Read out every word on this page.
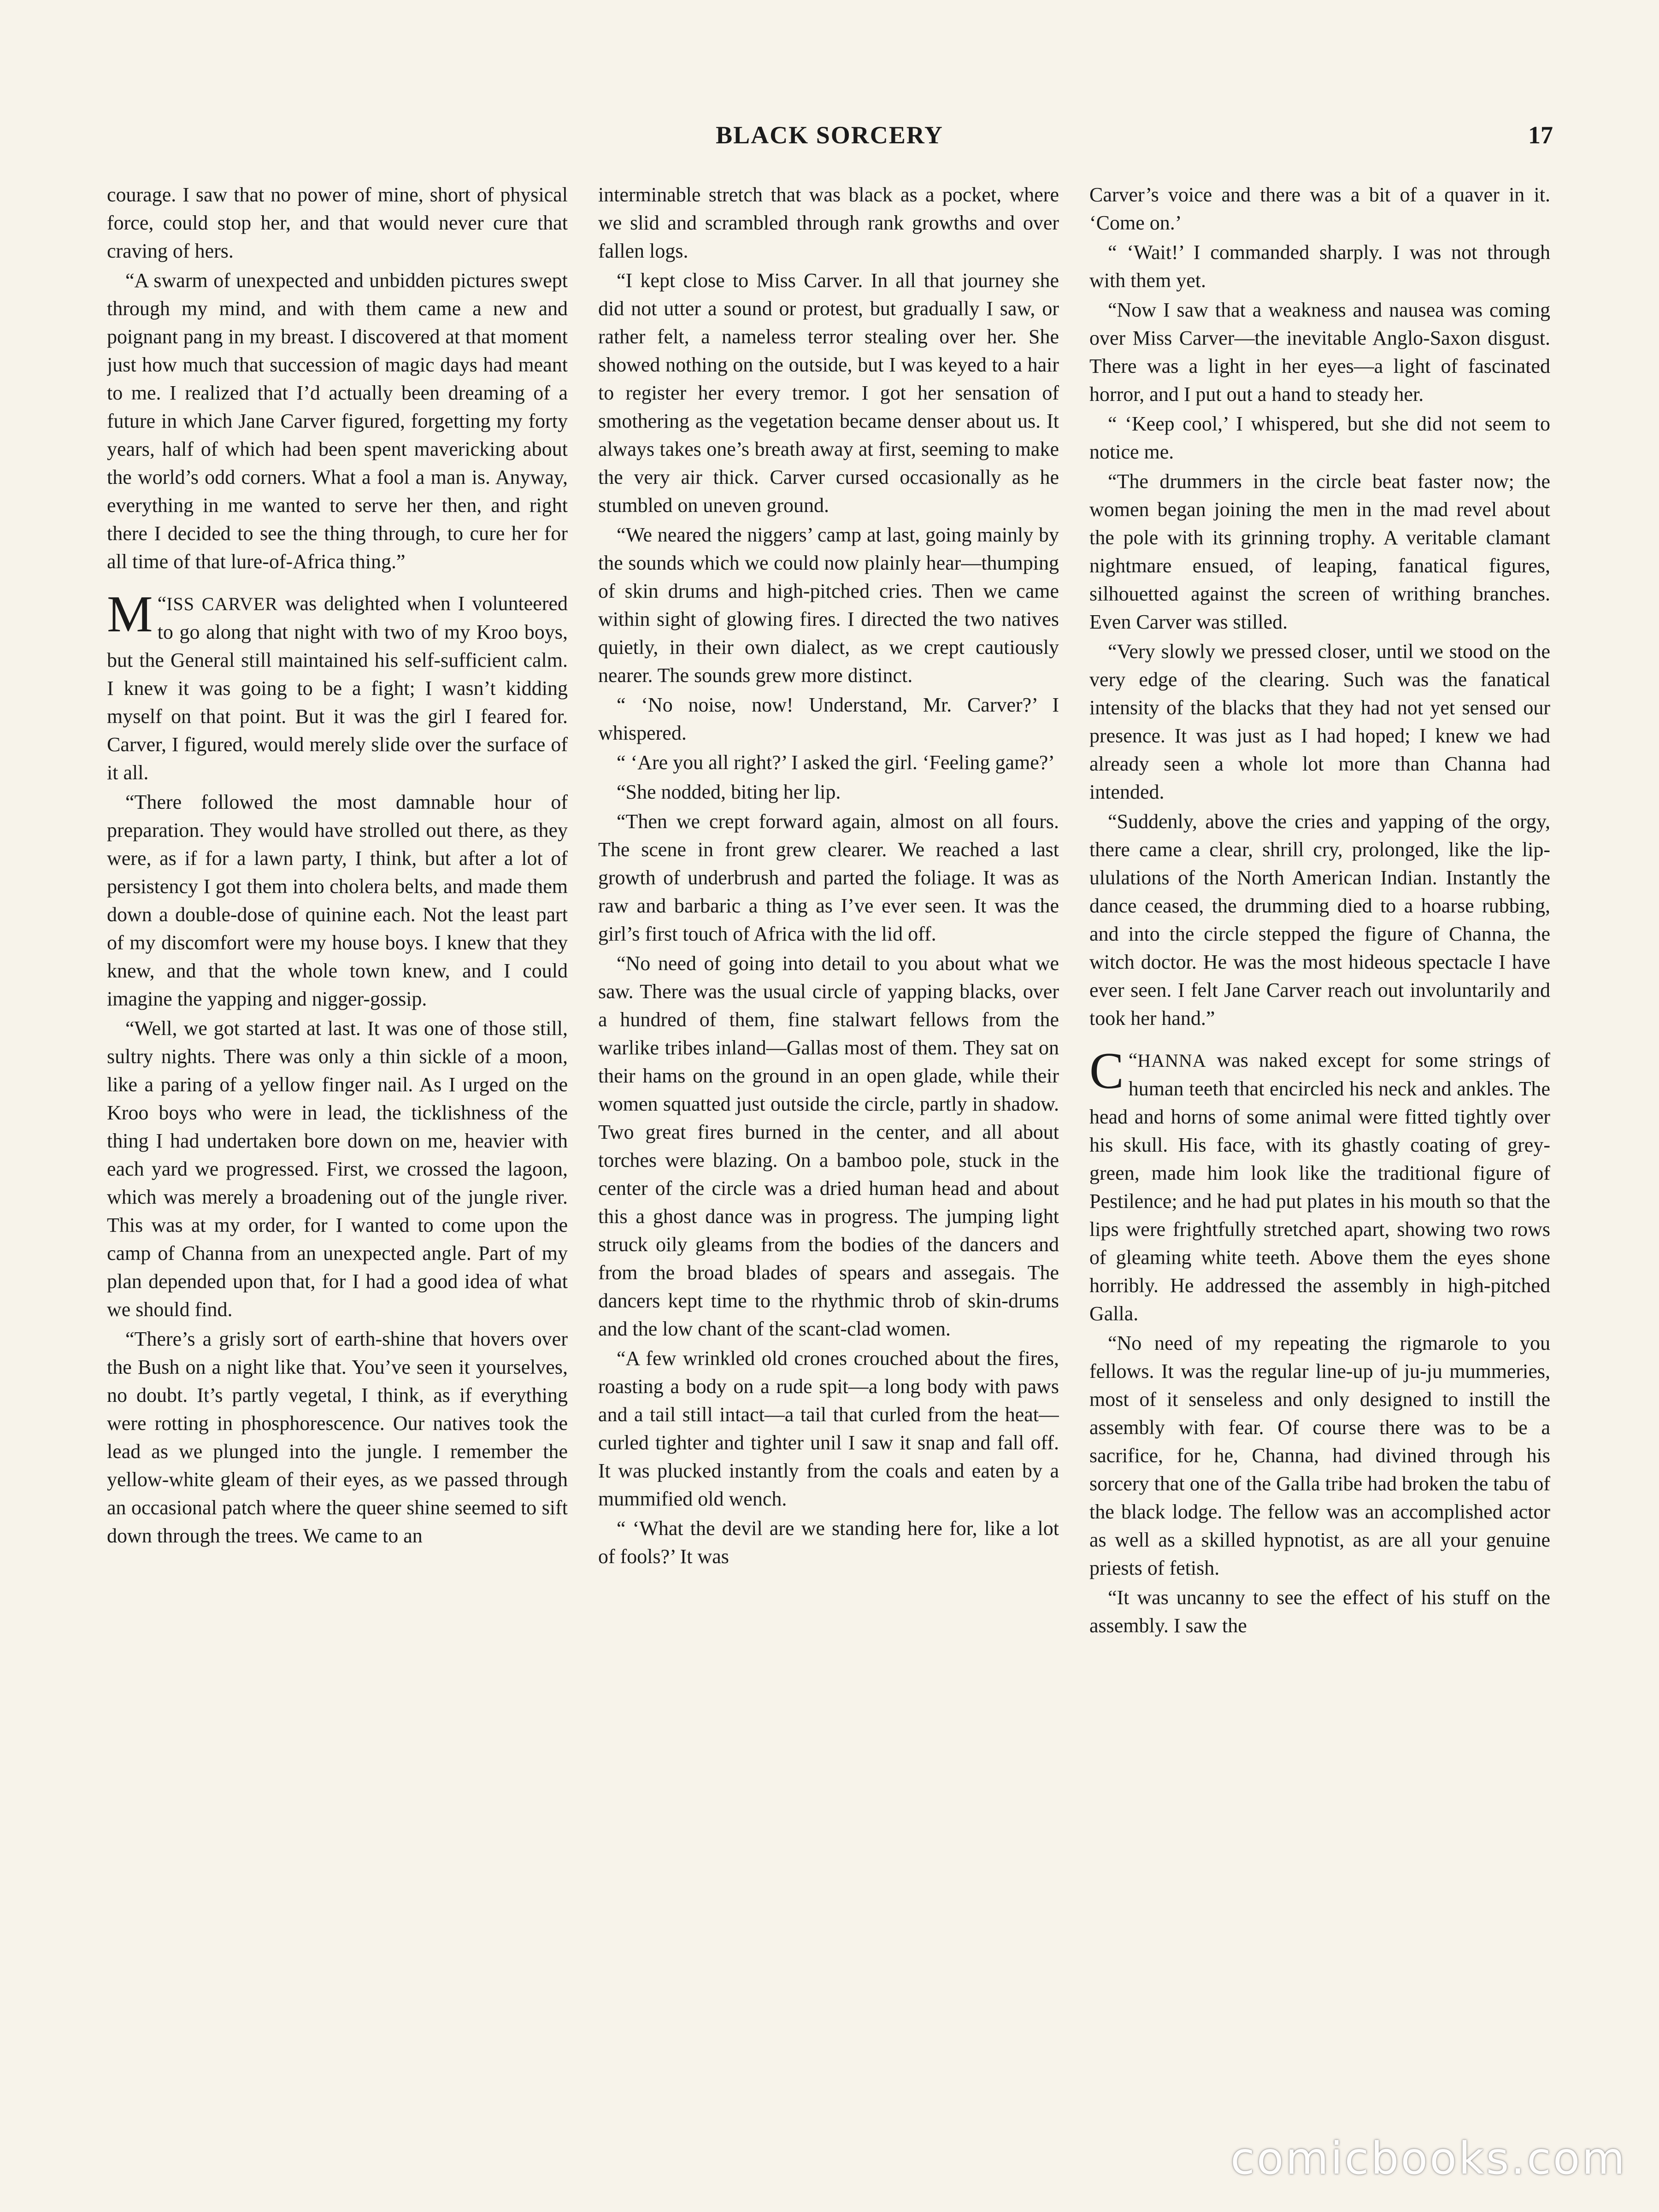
BLACK SORCERY	17

courage. I saw that no power of mine, short of physical force, could stop her, and that would never cure that craving of hers.

“A swarm of unexpected and unbidden pictures swept through my mind, and with them came a new and poignant pang in my breast. I discovered at that moment just how much that succession of magic days had meant to me. I realized that I’d actually been dreaming of a future in which Jane Carver figured, forgetting my forty years, half of which had been spent mavericking about the world’s odd corners. What a fool a man is. Anyway, everything in me wanted to serve her then, and right there I decided to see the thing through, to cure her for all time of that lure-of-Africa thing.”

“
M ISS CARVER was delighted when I volunteered to go along that night with two of my Kroo boys, but the General still maintained his self-sufficient calm. I knew it was going to be a fight; I wasn’t kidding myself on that point. But it was the girl I feared for. Carver, I figured, would merely slide over the surface of it all.

“There followed the most damnable hour of preparation. They would have strolled out there, as they were, as if for a lawn party, I think, but after a lot of persistency I got them into cholera belts, and made them down a double-dose of quinine each. Not the least part of my discomfort were my house boys. I knew that they knew, and that the whole town knew, and I could imagine the yapping and nigger-gossip.

“Well, we got started at last. It was one of those still, sultry nights. There was only a thin sickle of a moon, like a paring of a yellow finger nail. As I urged on the Kroo boys who were in lead, the ticklishness of the thing I had undertaken bore down on me, heavier with each yard we progressed. First, we crossed the lagoon, which was merely a broadening out of the jungle river. This was at my order, for I wanted to come upon the camp of Channa from an unexpected angle. Part of my plan depended upon that, for I had a good idea of what we should find.

“There’s a grisly sort of earth-shine that hovers over the Bush on a night like that. You’ve seen it yourselves, no doubt. It’s partly vegetal, I think, as if everything were rotting in phosphorescence. Our natives took the lead as we plunged into the jungle. I remember the yellow-white gleam of their eyes, as we passed through an occasional patch where the queer shine seemed to sift down through the trees. We came to an

interminable stretch that was black as a pocket, where we slid and scrambled through rank growths and over fallen logs.

“I kept close to Miss Carver. In all that journey she did not utter a sound or protest, but gradually I saw, or rather felt, a nameless terror stealing over her. She showed nothing on the outside, but I was keyed to a hair to register her every tremor. I got her sensation of smothering as the vegetation became denser about us. It always takes one’s breath away at first, seeming to make the very air thick. Carver cursed occasionally as he stumbled on uneven ground.

“We neared the niggers’ camp at last, going mainly by the sounds which we could now plainly hear—thumping of skin drums and high-pitched cries. Then we came within sight of glowing fires. I directed the two natives quietly, in their own dialect, as we crept cautiously nearer. The sounds grew more distinct.

“ ‘No noise, now! Understand, Mr. Carver?’ I whispered.

“ ‘Are you all right?’ I asked the girl. ‘Feeling game?’

“She nodded, biting her lip.

“Then we crept forward again, almost on all fours. The scene in front grew clearer. We reached a last growth of underbrush and parted the foliage. It was as raw and barbaric a thing as I’ve ever seen. It was the girl’s first touch of Africa with the lid off.

“No need of going into detail to you about what we saw. There was the usual circle of yapping blacks, over a hundred of them, fine stalwart fellows from the warlike tribes inland—Gallas most of them. They sat on their hams on the ground in an open glade, while their women squatted just outside the circle, partly in shadow. Two great fires burned in the center, and all about torches were blazing. On a bamboo pole, stuck in the center of the circle was a dried human head and about this a ghost dance was in progress. The jumping light struck oily gleams from the bodies of the dancers and from the broad blades of spears and assegais. The dancers kept time to the rhythmic throb of skin-drums and the low chant of the scant-clad women.

“A few wrinkled old crones crouched about the fires, roasting a body on a rude spit—a long body with paws and a tail still intact—a tail that curled from the heat—curled tighter and tighter unil I saw it snap and fall off. It was plucked instantly from the coals and eaten by a mummified old wench.

“ ‘What the devil are we standing here for, like a lot of fools?’ It was

Carver’s voice and there was a bit of a quaver in it. ‘Come on.’

“ ‘Wait!’ I commanded sharply. I was not through with them yet.

“Now I saw that a weakness and nausea was coming over Miss Carver—the inevitable Anglo-Saxon disgust. There was a light in her eyes—a light of fascinated horror, and I put out a hand to steady her.

“ ‘Keep cool,’ I whispered, but she did not seem to notice me.

“The drummers in the circle beat faster now; the women began joining the men in the mad revel about the pole with its grinning trophy. A veritable clamant nightmare ensued, of leaping, fanatical figures, silhouetted against the screen of writhing branches. Even Carver was stilled.

“Very slowly we pressed closer, until we stood on the very edge of the clearing. Such was the fanatical intensity of the blacks that they had not yet sensed our presence. It was just as I had hoped; I knew we had already seen a whole lot more than Channa had intended.

“Suddenly, above the cries and yapping of the orgy, there came a clear, shrill cry, prolonged, like the lip-ululations of the North American Indian. Instantly the dance ceased, the drumming died to a hoarse rubbing, and into the circle stepped the figure of Channa, the witch doctor. He was the most hideous spectacle I have ever seen. I felt Jane Carver reach out involuntarily and took her hand.”

“
C HANNA was naked except for some strings of human teeth that encircled his neck and ankles. The head and horns of some animal were fitted tightly over his skull. His face, with its ghastly coating of grey-green, made him look like the traditional figure of Pestilence; and he had put plates in his mouth so that the lips were frightfully stretched apart, showing two rows of gleaming white teeth. Above them the eyes shone horribly. He addressed the assembly in high-pitched Galla.

“No need of my repeating the rigmarole to you fellows. It was the regular line-up of ju-ju mummeries, most of it senseless and only designed to instill the assembly with fear. Of course there was to be a sacrifice, for he, Channa, had divined through his sorcery that one of the Galla tribe had broken the tabu of the black lodge. The fellow was an accomplished actor as well as a skilled hypnotist, as are all your genuine priests of fetish.

“It was uncanny to see the effect of his stuff on the assembly. I saw the

comicbooks.com
